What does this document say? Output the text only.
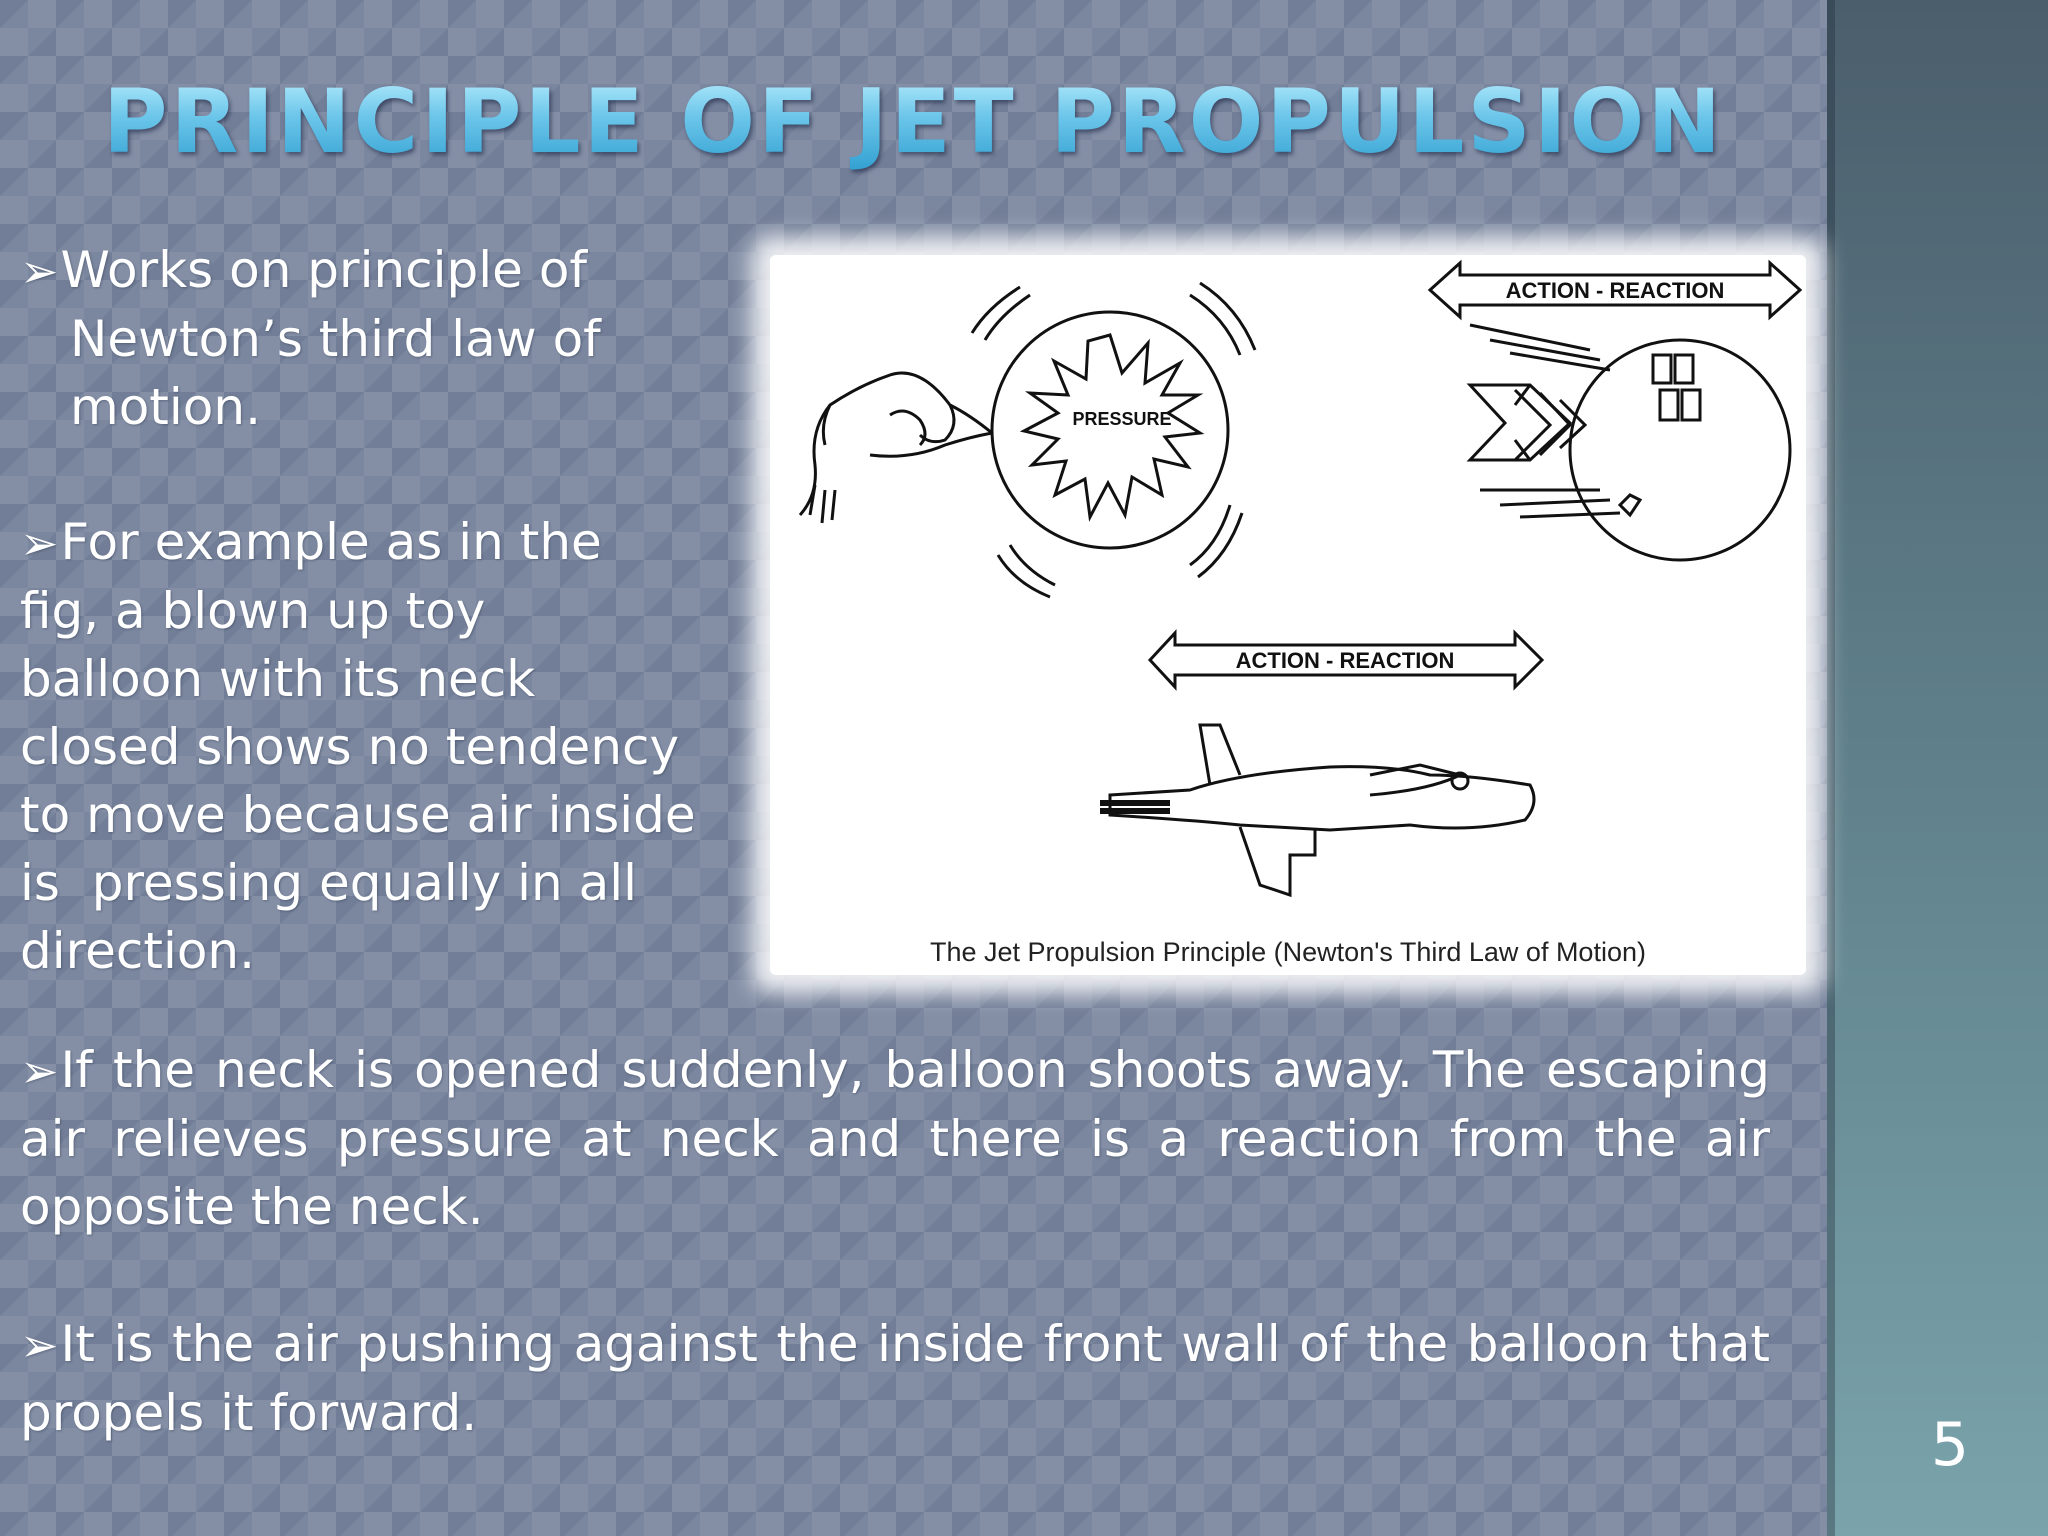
PRINCIPLE OF JET PROPULSION
➢Works on principle of
Newton’s third law of
motion.
➢For example as in the
fig, a blown up toy
balloon with its neck
closed shows no tendency
to move because air inside
is  pressing equally in all
direction.
PRESSURE
ACTION - REACTION
ACTION - REACTION
The Jet Propulsion Principle (Newton's Third Law of Motion)
➢If the neck is opened suddenly, balloon shoots away. The escaping air relieves pressure at neck and there is a reaction from the air opposite the neck.
➢It is the air pushing against the inside front wall of the balloon that propels it forward.	5
